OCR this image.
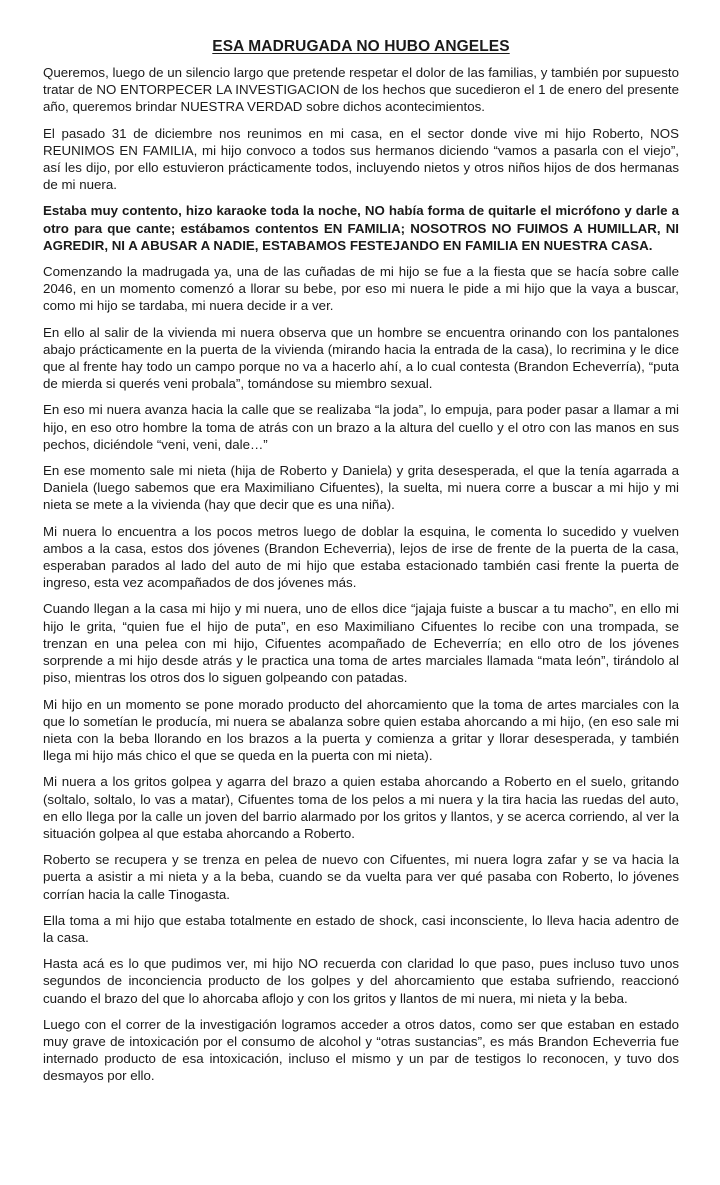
ESA MADRUGADA NO HUBO ANGELES

Queremos, luego de un silencio largo que pretende respetar el dolor de las familias, y también por supuesto tratar de NO ENTORPECER LA INVESTIGACION de los hechos que sucedieron el 1 de enero del presente año, queremos brindar NUESTRA VERDAD sobre dichos acontecimientos.

El pasado 31 de diciembre nos reunimos en mi casa, en el sector donde vive mi hijo Roberto, NOS REUNIMOS EN FAMILIA, mi hijo convoco a todos sus hermanos diciendo “vamos a pasarla con el viejo”, así les dijo, por ello estuvieron prácticamente todos, incluyendo nietos y otros niños hijos de dos hermanas de mi nuera.

Estaba muy contento, hizo karaoke toda la noche, NO había forma de quitarle el micrófono y darle a otro para que cante; estábamos contentos EN FAMILIA; NOSOTROS NO FUIMOS A HUMILLAR, NI AGREDIR, NI A ABUSAR A NADIE, ESTABAMOS FESTEJANDO EN FAMILIA EN NUESTRA CASA.

Comenzando la madrugada ya, una de las cuñadas de mi hijo se fue a la fiesta que se hacía sobre calle 2046, en un momento comenzó a llorar su bebe, por eso mi nuera le pide a mi hijo que la vaya a buscar, como mi hijo se tardaba, mi nuera decide ir a ver.

En ello al salir de la vivienda mi nuera observa que un hombre se encuentra orinando con los pantalones abajo prácticamente en la puerta de la vivienda (mirando hacia la entrada de la casa), lo recrimina y le dice que al frente hay todo un campo porque no va a hacerlo ahí, a lo cual contesta (Brandon Echeverría), “puta de mierda si querés veni probala”, tomándose su miembro sexual.

En eso mi nuera avanza hacia la calle que se realizaba “la joda”, lo empuja, para poder pasar a llamar a mi hijo, en eso otro hombre la toma de atrás con un brazo a la altura del cuello y el otro con las manos en sus pechos, diciéndole “veni, veni, dale…”

En ese momento sale mi nieta (hija de Roberto y Daniela) y grita desesperada, el que la tenía agarrada a Daniela (luego sabemos que era Maximiliano Cifuentes), la suelta, mi nuera corre a buscar a mi hijo y mi nieta se mete a la vivienda (hay que decir que es una niña).

Mi nuera lo encuentra a los pocos metros luego de doblar la esquina, le comenta lo sucedido y vuelven ambos a la casa, estos dos jóvenes (Brandon Echeverria), lejos de irse de frente de la puerta de la casa, esperaban parados al lado del auto de mi hijo que estaba estacionado también casi frente la puerta de ingreso, esta vez acompañados de dos jóvenes más.

Cuando llegan a la casa mi hijo y mi nuera, uno de ellos dice “jajaja fuiste a buscar a tu macho”, en ello mi hijo le grita, “quien fue el hijo de puta”, en eso Maximiliano Cifuentes lo recibe con una trompada, se trenzan en una pelea con mi hijo, Cifuentes acompañado de Echeverría; en ello otro de los jóvenes sorprende a mi hijo desde atrás y le practica una toma de artes marciales llamada “mata león”, tirándolo al piso, mientras los otros dos lo siguen golpeando con patadas.

Mi hijo en un momento se pone morado producto del ahorcamiento que la toma de artes marciales con la que lo sometían le producía, mi nuera se abalanza sobre quien estaba ahorcando a mi hijo, (en eso sale mi nieta con la beba llorando en los brazos a la puerta y comienza a gritar y llorar desesperada, y también llega mi hijo más chico el que se queda en la puerta con mi nieta).

Mi nuera a los gritos golpea y agarra del brazo a quien estaba ahorcando a Roberto en el suelo, gritando (soltalo, soltalo, lo vas a matar), Cifuentes toma de los pelos a mi nuera y la tira hacia las ruedas del auto, en ello llega por la calle un joven del barrio alarmado por los gritos y llantos, y se acerca corriendo, al ver la situación golpea al que estaba ahorcando a Roberto.

Roberto se recupera y se trenza en pelea de nuevo con Cifuentes, mi nuera logra zafar y se va hacia la puerta a asistir a mi nieta y a la beba, cuando se da vuelta para ver qué pasaba con Roberto, lo jóvenes corrían hacia la calle Tinogasta.

Ella toma a mi hijo que estaba totalmente en estado de shock, casi inconsciente, lo lleva hacia adentro de la casa.

Hasta acá es lo que pudimos ver, mi hijo NO recuerda con claridad lo que paso, pues incluso tuvo unos segundos de inconciencia producto de los golpes y del ahorcamiento que estaba sufriendo, reaccionó cuando el brazo del que lo ahorcaba aflojo y con los gritos y llantos de mi nuera, mi nieta y la beba.

Luego con el correr de la investigación logramos acceder a otros datos, como ser que estaban en estado muy grave de intoxicación por el consumo de alcohol y “otras sustancias”, es más Brandon Echeverria fue internado producto de esa intoxicación, incluso el mismo y un par de testigos lo reconocen, y tuvo dos desmayos por ello.
